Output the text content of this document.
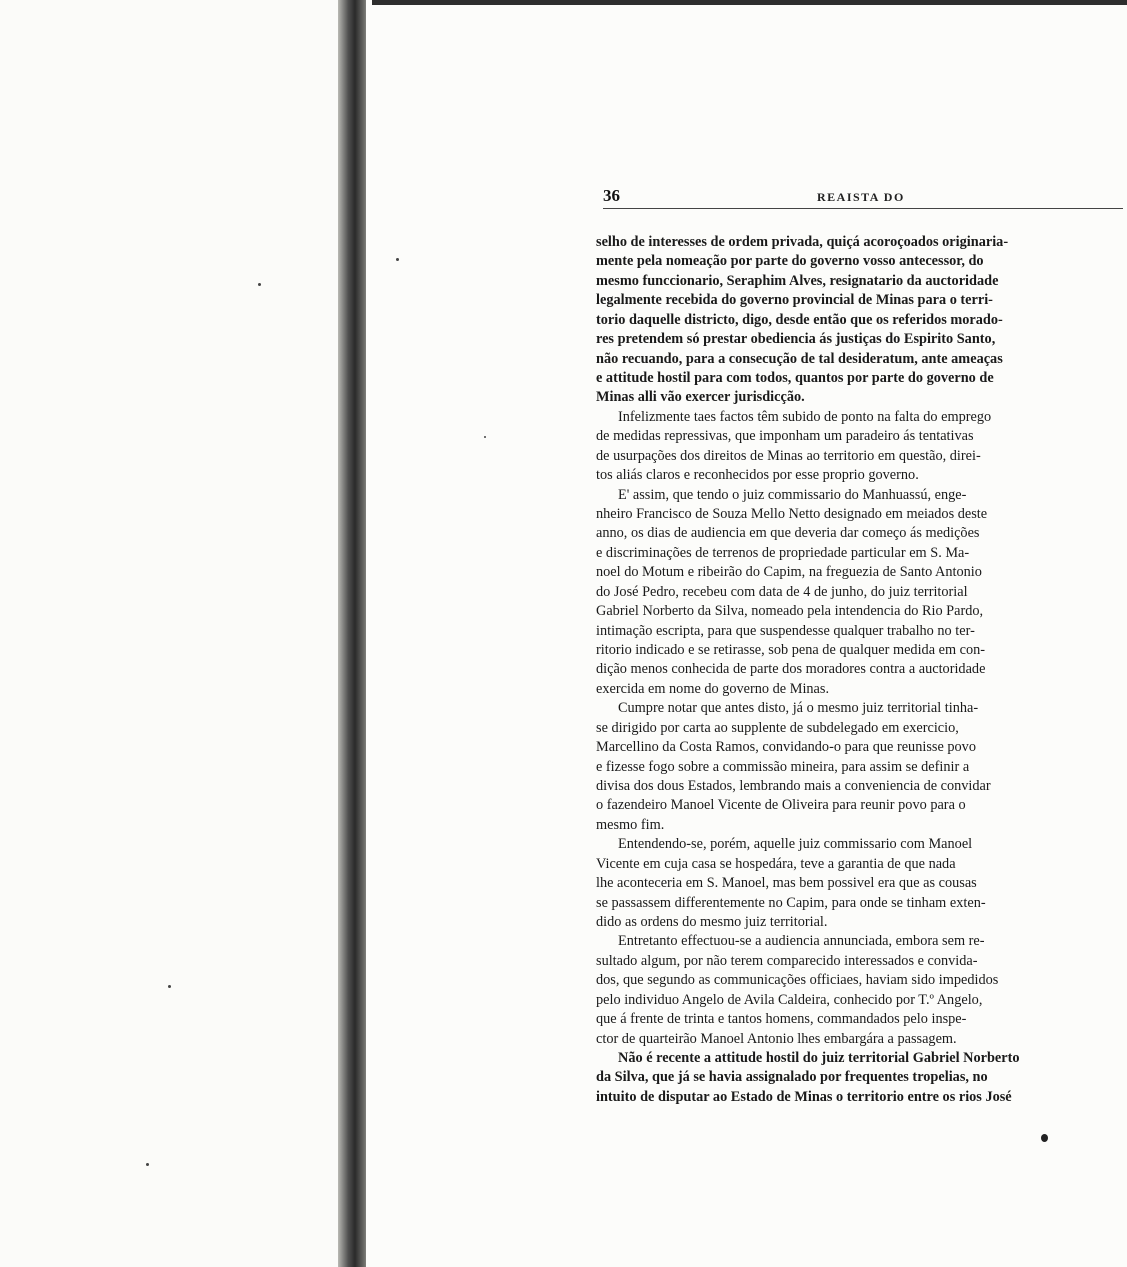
36	REAISTA DO
selho de interesses de ordem privada, quiçá acoroçoados originaria-
mente pela nomeação por parte do governo vosso antecessor, do
mesmo funccionario, Seraphim Alves, resignatario da auctoridade
legalmente recebida do governo provincial de Minas para o terri-
torio daquelle districto, digo, desde então que os referidos morado-
res pretendem só prestar obediencia ás justiças do Espirito Santo,
não recuando, para a consecução de tal desideratum, ante ameaças
e attitude hostil para com todos, quantos por parte do governo de
Minas alli vão exercer jurisdicção.
Infelizmente taes factos têm subido de ponto na falta do emprego
de medidas repressivas, que imponham um paradeiro ás tentativas
de usurpações dos direitos de Minas ao territorio em questão, direi-
tos aliás claros e reconhecidos por esse proprio governo.
E' assim, que tendo o juiz commissario do Manhuassú, enge-
nheiro Francisco de Souza Mello Netto designado em meiados deste
anno, os dias de audiencia em que deveria dar começo ás medições
e discriminações de terrenos de propriedade particular em S. Ma-
noel do Motum e ribeirão do Capim, na freguezia de Santo Antonio
do José Pedro, recebeu com data de 4 de junho, do juiz territorial
Gabriel Norberto da Silva, nomeado pela intendencia do Rio Pardo,
intimação escripta, para que suspendesse qualquer trabalho no ter-
ritorio indicado e se retirasse, sob pena de qualquer medida em con-
dição menos conhecida de parte dos moradores contra a auctoridade
exercida em nome do governo de Minas.
Cumpre notar que antes disto, já o mesmo juiz territorial tinha-
se dirigido por carta ao supplente de subdelegado em exercicio,
Marcellino da Costa Ramos, convidando-o para que reunisse povo
e fizesse fogo sobre a commissão mineira, para assim se definir a
divisa dos dous Estados, lembrando mais a conveniencia de convidar
o fazendeiro Manoel Vicente de Oliveira para reunir povo para o
mesmo fim.
Entendendo-se, porém, aquelle juiz commissario com Manoel
Vicente em cuja casa se hospedára, teve a garantia de que nada
lhe aconteceria em S. Manoel, mas bem possivel era que as cousas
se passassem differentemente no Capim, para onde se tinham exten-
dido as ordens do mesmo juiz territorial.
Entretanto effectuou-se a audiencia annunciada, embora sem re-
sultado algum, por não terem comparecido interessados e convida-
dos, que segundo as communicações officiaes, haviam sido impedidos
pelo individuo Angelo de Avila Caldeira, conhecido por T.º Angelo,
que á frente de trinta e tantos homens, commandados pelo inspe-
ctor de quarteirão Manoel Antonio lhes embargára a passagem.
Não é recente a attitude hostil do juiz territorial Gabriel Norberto
da Silva, que já se havia assignalado por frequentes tropelias, no
intuito de disputar ao Estado de Minas o territorio entre os rios José
